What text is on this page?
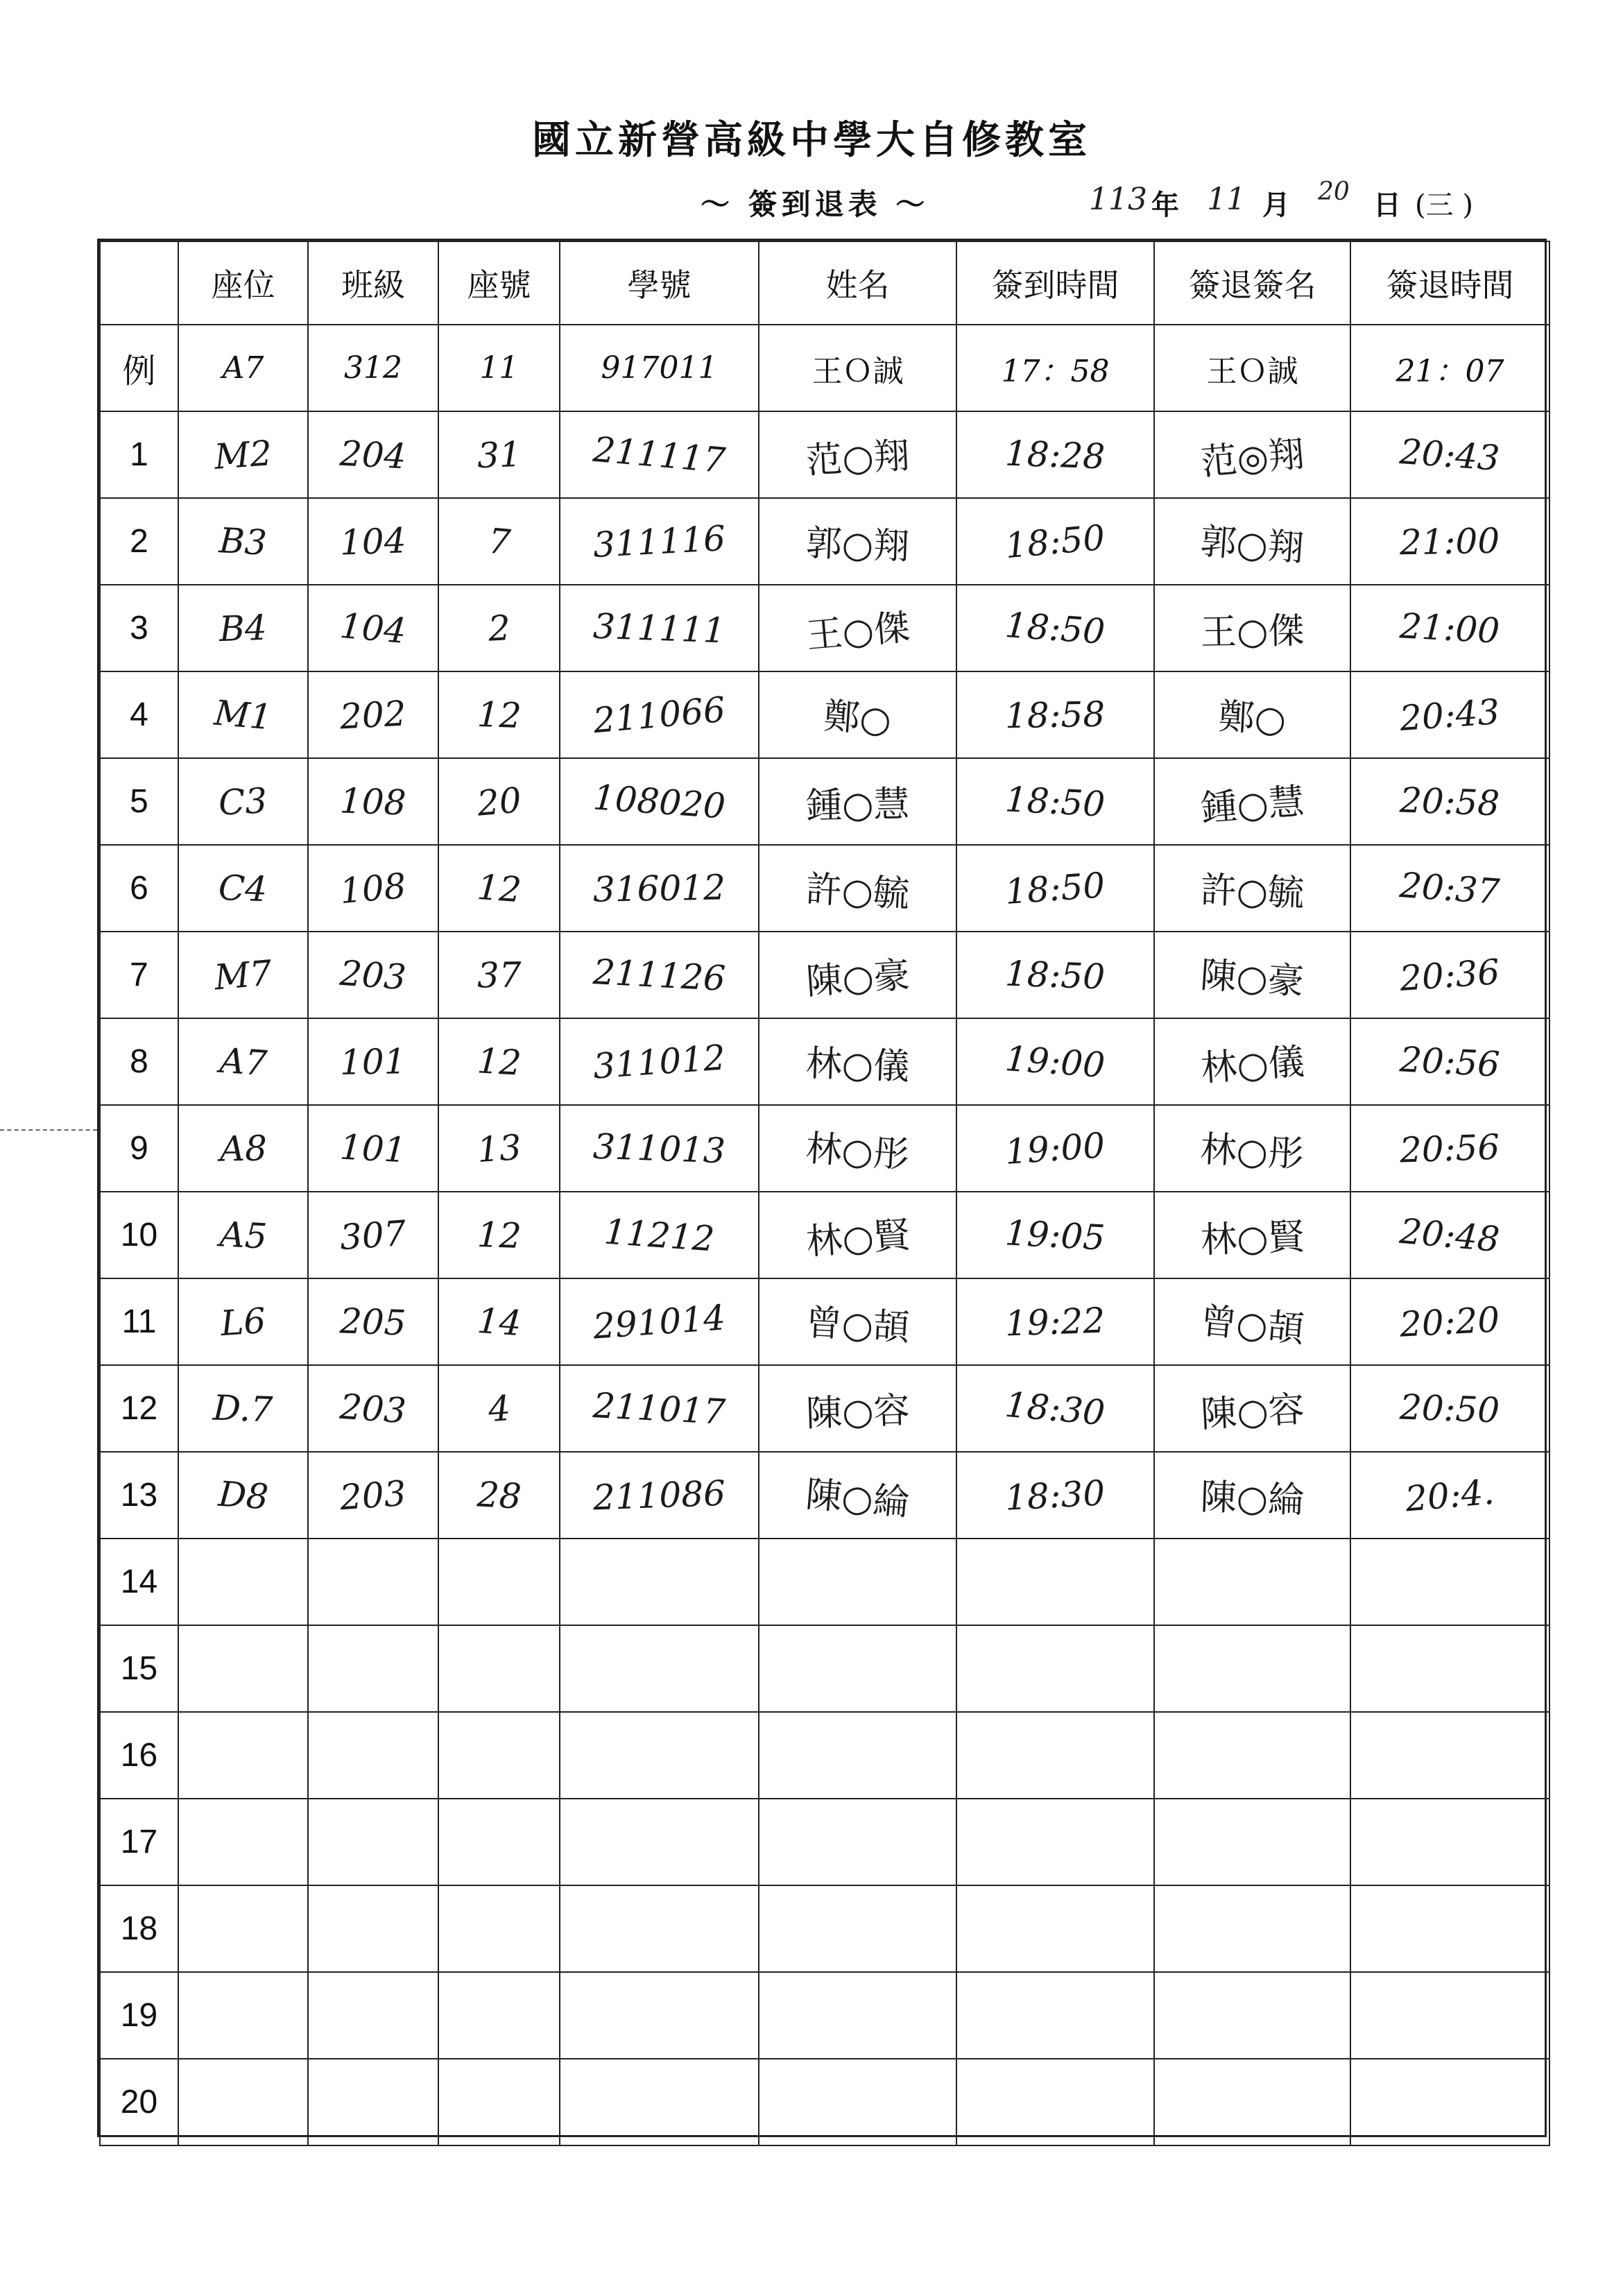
國立新營高級中學大自修教室
～ 簽到退表 ～	113 年 11 月 20 日 (三 )
	座位	班級	座號	學號	姓名	簽到時間	簽退簽名	簽退時間
例	A7	312	11	917011	王Ｏ誠	17：58	王Ｏ誠	21：07
1	M2	204	31	211117	范○翔	18:28	范◎翔	20:43
2	B3	104	7	311116	郭○翔	18:50	郭○翔	21:00
3	B4	104	2	311111	王○傑	18:50	王○傑	21:00
4	M1	202	12	211066	鄭○	18:58	鄭○	20:43
5	C3	108	20	108020	鍾○慧	18:50	鍾○慧	20:58
6	C4	108	12	316012	許○毓	18:50	許○毓	20:37
7	M7	203	37	211126	陳○豪	18:50	陳○豪	20:36
8	A7	101	12	311012	林○儀	19:00	林○儀	20:56
9	A8	101	13	311013	林○彤	19:00	林○彤	20:56
10	A5	307	12	11212	林○賢	19:05	林○賢	20:48
11	L6	205	14	291014	曾○頡	19:22	曾○頡	20:20
12	D.7	203	4	211017	陳○容	18:30	陳○容	20:50
13	D8	203	28	211086	陳○綸	18:30	陳○綸	20:4.
14								
15								
16								
17								
18								
19								
20								
